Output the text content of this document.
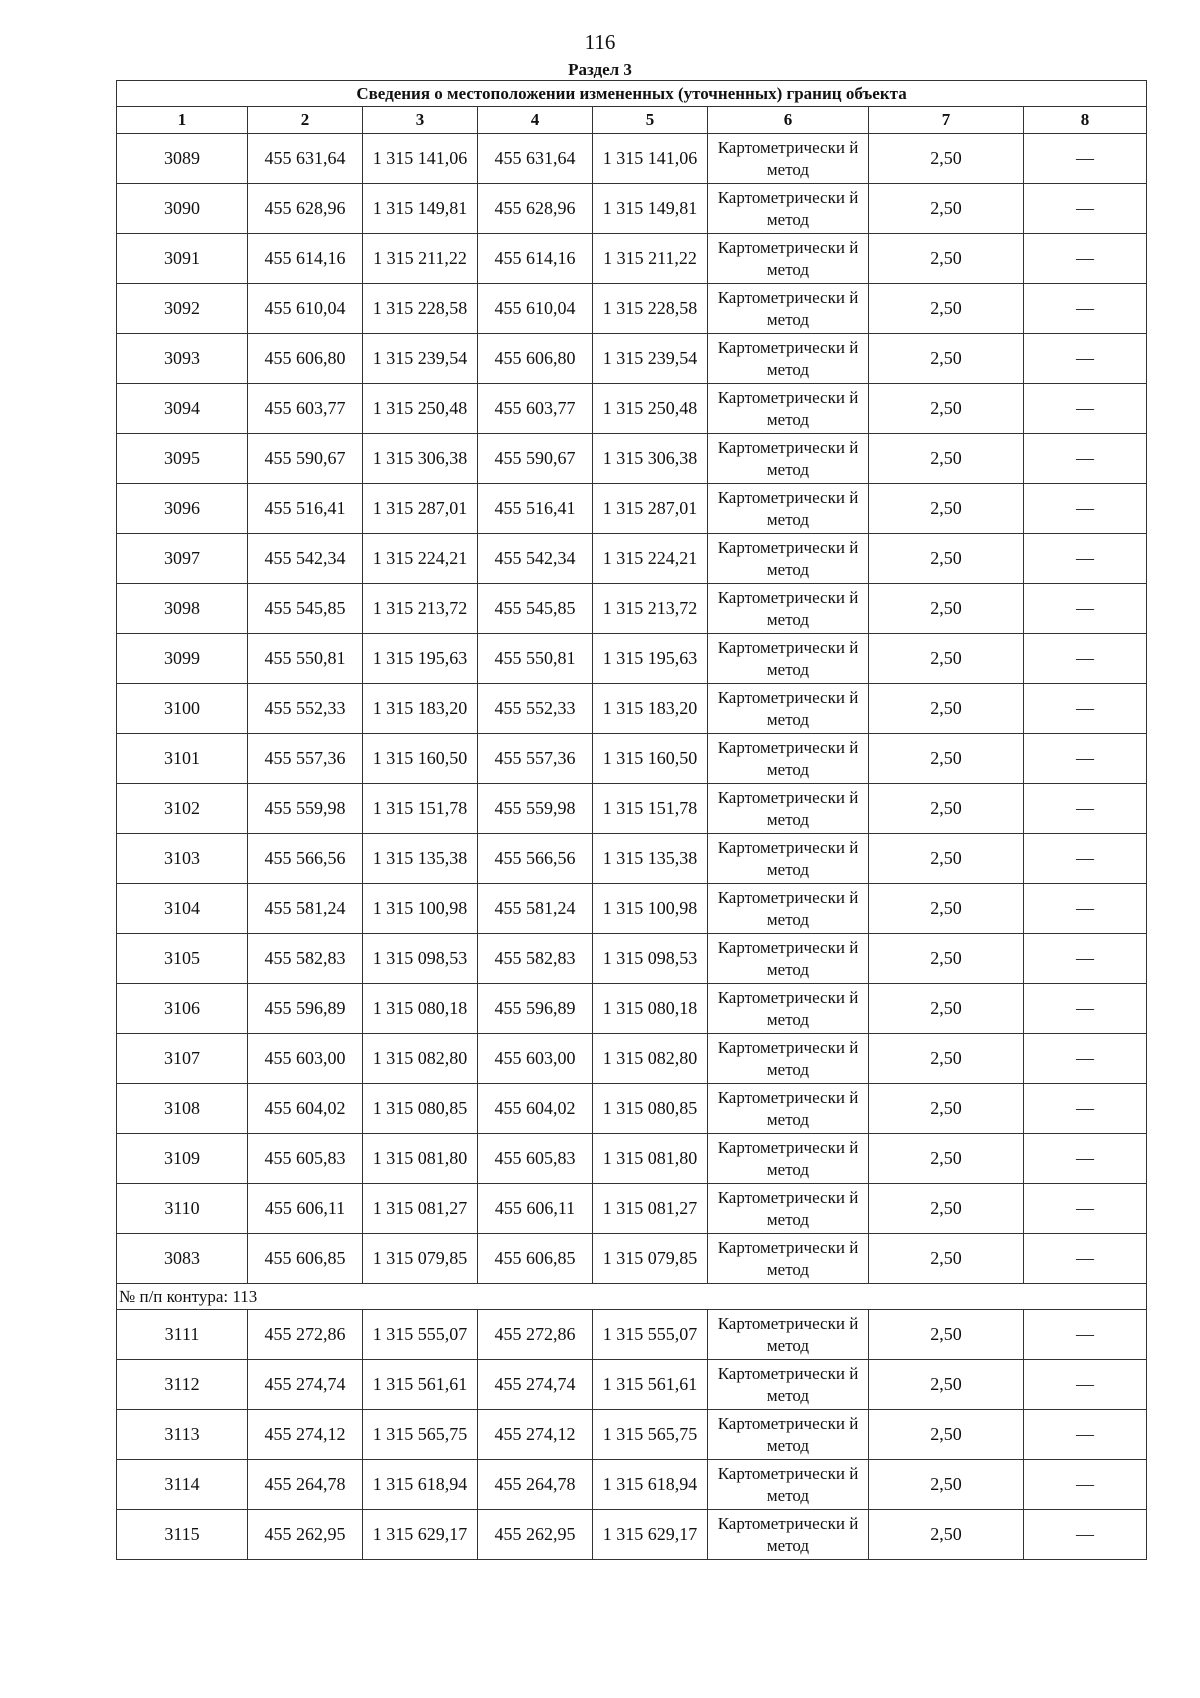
116
Раздел 3
Сведения о местоположении измененных (уточненных) границ объекта							
1	2	3	4	5	6	7	8
3089	455 631,64	1 315 141,06	455 631,64	1 315 141,06	Картометрически й метод	2,50	—
3090	455 628,96	1 315 149,81	455 628,96	1 315 149,81	Картометрически й метод	2,50	—
3091	455 614,16	1 315 211,22	455 614,16	1 315 211,22	Картометрически й метод	2,50	—
3092	455 610,04	1 315 228,58	455 610,04	1 315 228,58	Картометрически й метод	2,50	—
3093	455 606,80	1 315 239,54	455 606,80	1 315 239,54	Картометрически й метод	2,50	—
3094	455 603,77	1 315 250,48	455 603,77	1 315 250,48	Картометрически й метод	2,50	—
3095	455 590,67	1 315 306,38	455 590,67	1 315 306,38	Картометрически й метод	2,50	—
3096	455 516,41	1 315 287,01	455 516,41	1 315 287,01	Картометрически й метод	2,50	—
3097	455 542,34	1 315 224,21	455 542,34	1 315 224,21	Картометрически й метод	2,50	—
3098	455 545,85	1 315 213,72	455 545,85	1 315 213,72	Картометрически й метод	2,50	—
3099	455 550,81	1 315 195,63	455 550,81	1 315 195,63	Картометрически й метод	2,50	—
3100	455 552,33	1 315 183,20	455 552,33	1 315 183,20	Картометрически й метод	2,50	—
3101	455 557,36	1 315 160,50	455 557,36	1 315 160,50	Картометрически й метод	2,50	—
3102	455 559,98	1 315 151,78	455 559,98	1 315 151,78	Картометрически й метод	2,50	—
3103	455 566,56	1 315 135,38	455 566,56	1 315 135,38	Картометрически й метод	2,50	—
3104	455 581,24	1 315 100,98	455 581,24	1 315 100,98	Картометрически й метод	2,50	—
3105	455 582,83	1 315 098,53	455 582,83	1 315 098,53	Картометрически й метод	2,50	—
3106	455 596,89	1 315 080,18	455 596,89	1 315 080,18	Картометрически й метод	2,50	—
3107	455 603,00	1 315 082,80	455 603,00	1 315 082,80	Картометрически й метод	2,50	—
3108	455 604,02	1 315 080,85	455 604,02	1 315 080,85	Картометрически й метод	2,50	—
3109	455 605,83	1 315 081,80	455 605,83	1 315 081,80	Картометрически й метод	2,50	—
3110	455 606,11	1 315 081,27	455 606,11	1 315 081,27	Картометрически й метод	2,50	—
3083	455 606,85	1 315 079,85	455 606,85	1 315 079,85	Картометрически й метод	2,50	—
№ п/п контура: 113							
3111	455 272,86	1 315 555,07	455 272,86	1 315 555,07	Картометрически й метод	2,50	—
3112	455 274,74	1 315 561,61	455 274,74	1 315 561,61	Картометрически й метод	2,50	—
3113	455 274,12	1 315 565,75	455 274,12	1 315 565,75	Картометрически й метод	2,50	—
3114	455 264,78	1 315 618,94	455 264,78	1 315 618,94	Картометрически й метод	2,50	—
3115	455 262,95	1 315 629,17	455 262,95	1 315 629,17	Картометрически й метод	2,50	—
